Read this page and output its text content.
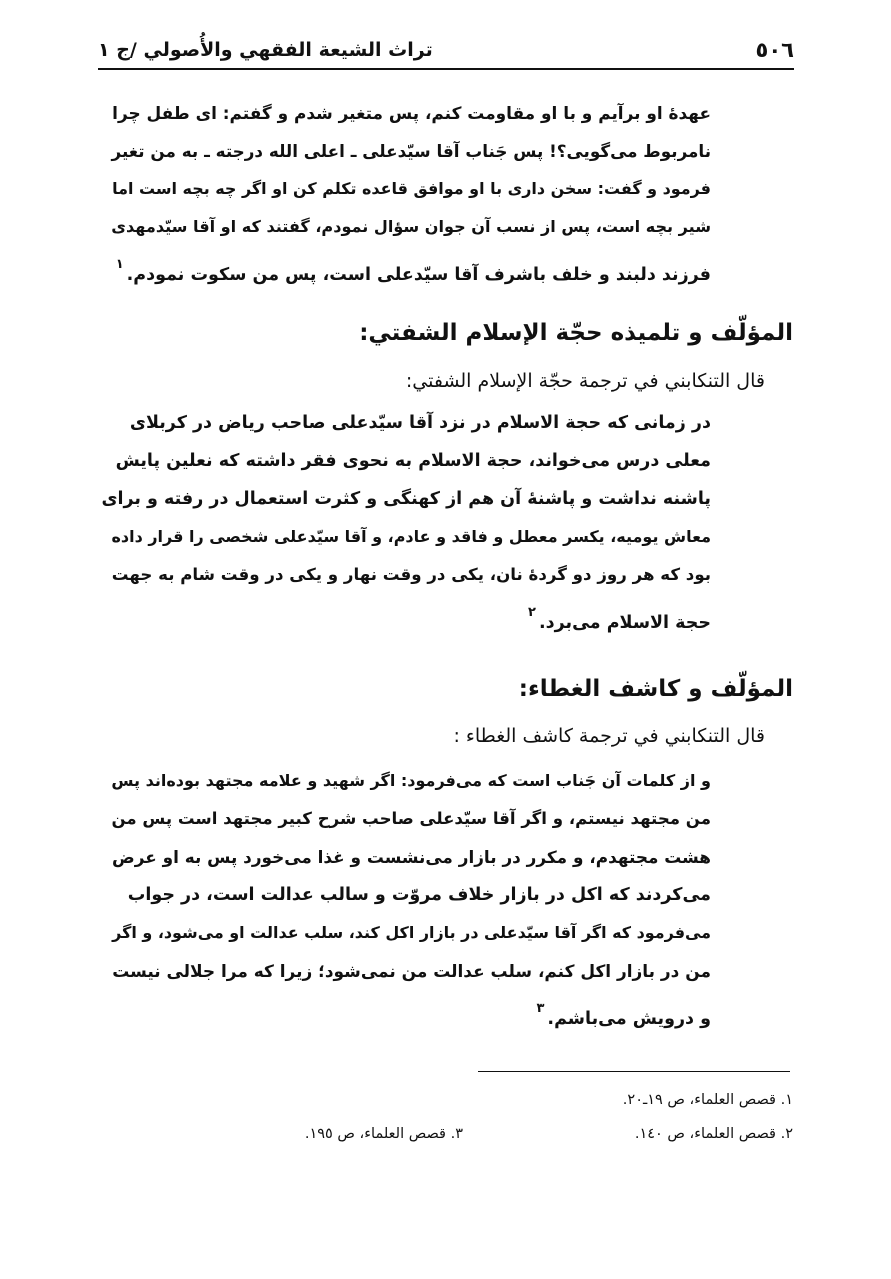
٥٠٦
تراث الشيعة الفقهي والأُصولي /ج ١
عهدهٔ او برآیم و با او مقاومت کنم، پس متغیر شدم و گفتم: ای طفل چرا
نامربوط می‌گویی؟! پس جَناب آقا سیّدعلی ـ اعلی الله درجته ـ به من تغیر
فرمود و گفت: سخن داری با او موافق قاعده تکلم کن او اگر چه بچه است اما
شیر بچه است، پس از نسب آن جوان سؤال نمودم، گفتند که او آقا سیّدمهدی
فرزند دلبند و خلف باشرف آقا سیّدعلی است، پس من سکوت نمودم.$^١$
المؤلّف و تلميذه حجّة الإسلام الشفتي:
قال التنكابني في ترجمة حجّة الإسلام الشفتي:
در زمانی که حجة الاسلام در نزد آقا سیّدعلی صاحب ریاض در کربلای
معلی درس می‌خواند، حجة الاسلام به نحوی فقر داشته که نعلین پایش
پاشنه نداشت و پاشنهٔ آن هم از کهنگی و کثرت استعمال در رفته و برای
معاش یومیه، یکسر معطل و فاقد و عادم، و آقا سیّدعلی شخصی را قرار داده
بود که هر روز دو گردهٔ نان، یکی در وقت نهار و یکی در وقت شام به جهت
حجة الاسلام می‌برد.$^٢$
المؤلّف و كاشف الغطاء:
قال التنكابني في ترجمة كاشف الغطاء :
و از کلمات آن جَناب است که می‌فرمود: اگر شهید و علامه مجتهد بوده‌اند پس
من مجتهد نیستم، و اگر آقا سیّدعلی صاحب شرح کبیر مجتهد است پس من
هشت مجتهدم، و مکرر در بازار می‌نشست و غذا می‌خورد پس به او عرض
می‌کردند که اکل در بازار خلاف مروّت و سالب عدالت است، در جواب
می‌فرمود که اگر آقا سیّدعلی در بازار اکل کند، سلب عدالت او می‌شود، و اگر
من در بازار اکل کنم، سلب عدالت من نمی‌شود؛ زیرا که مرا جلالی نیست
و درویش می‌باشم.$^٣$
١. قصص العلماء، ص ١٩ـ٢٠.
٢. قصص العلماء، ص ١٤٠.
٣. قصص العلماء، ص ١٩٥.
